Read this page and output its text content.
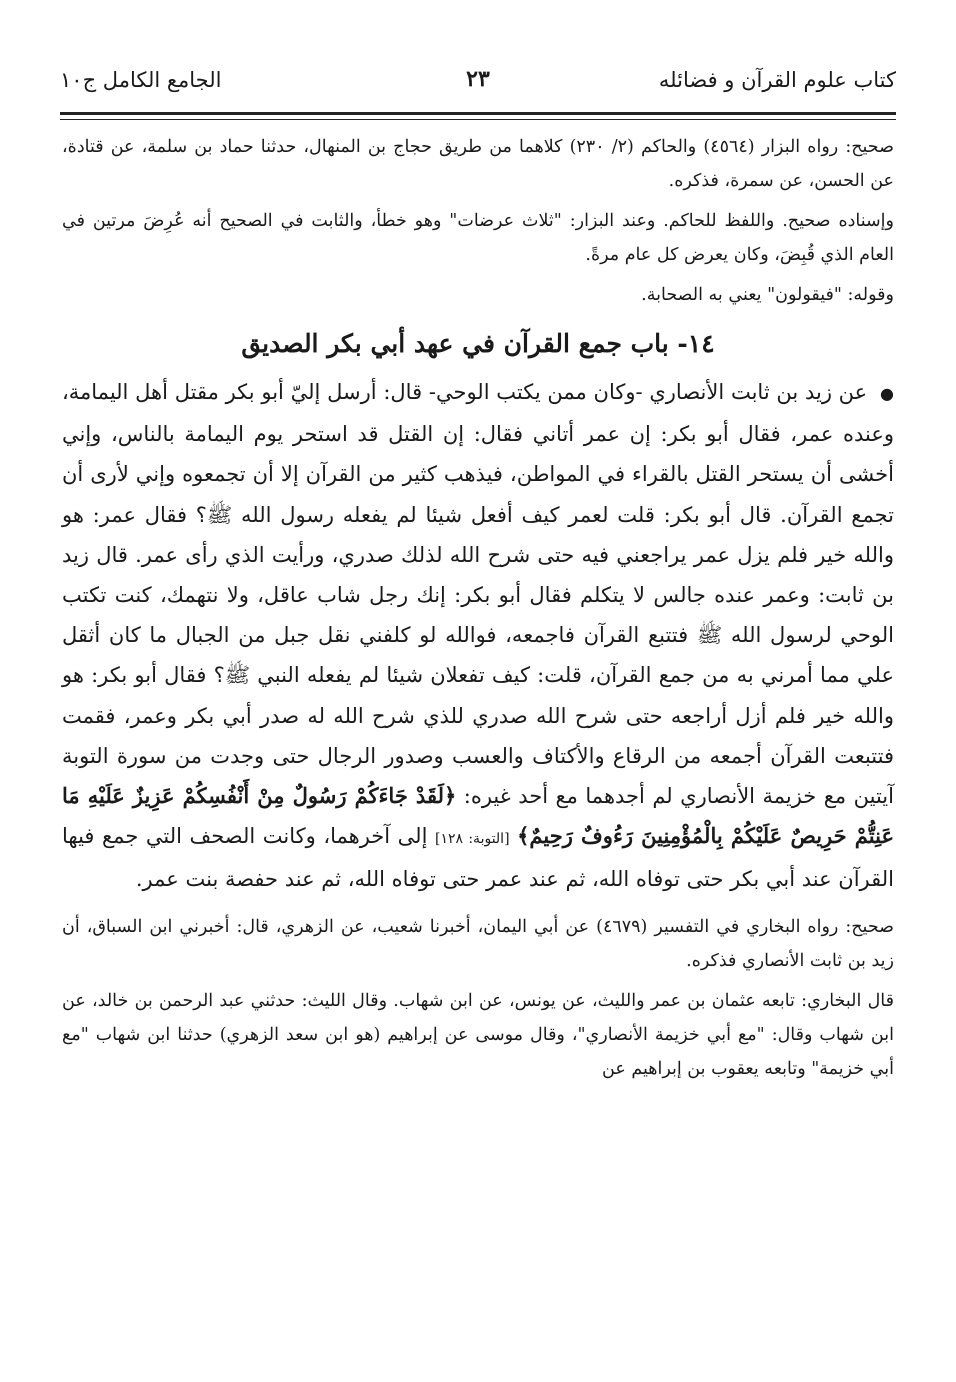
كتاب علوم القرآن و فضائله
٢٣
الجامع الكامل ج١٠

صحيح: رواه البزار (٤٥٦٤) والحاكم (٢/ ٢٣٠) كلاهما من طريق حجاج بن المنهال، حدثنا حماد بن سلمة، عن قتادة، عن الحسن، عن سمرة، فذكره.

وإسناده صحيح. واللفظ للحاكم. وعند البزار: "ثلاث عرضات" وهو خطأ، والثابت في الصحيح أنه عُرِضَ مرتين في العام الذي قُبِضَ، وكان يعرض كل عام مرةً.

وقوله: "فيقولون" يعني به الصحابة.

١٤- باب جمع القرآن في عهد أبي بكر الصديق

● عن زيد بن ثابت الأنصاري -وكان ممن يكتب الوحي- قال: أرسل إليّ أبو بكر مقتل أهل اليمامة، وعنده عمر، فقال أبو بكر: إن عمر أتاني فقال: إن القتل قد استحر يوم اليمامة بالناس، وإني أخشى أن يستحر القتل بالقراء في المواطن، فيذهب كثير من القرآن إلا أن تجمعوه وإني لأرى أن تجمع القرآن. قال أبو بكر: قلت لعمر كيف أفعل شيئا لم يفعله رسول الله ﷺ؟ فقال عمر: هو والله خير فلم يزل عمر يراجعني فيه حتى شرح الله لذلك صدري، ورأيت الذي رأى عمر. قال زيد بن ثابت: وعمر عنده جالس لا يتكلم فقال أبو بكر: إنك رجل شاب عاقل، ولا نتهمك، كنت تكتب الوحي لرسول الله ﷺ فتتبع القرآن فاجمعه، فوالله لو كلفني نقل جبل من الجبال ما كان أثقل علي مما أمرني به من جمع القرآن، قلت: كيف تفعلان شيئا لم يفعله النبي ﷺ؟ فقال أبو بكر: هو والله خير فلم أزل أراجعه حتى شرح الله صدري للذي شرح الله له صدر أبي بكر وعمر، فقمت فتتبعت القرآن أجمعه من الرقاع والأكتاف والعسب وصدور الرجال حتى وجدت من سورة التوبة آيتين مع خزيمة الأنصاري لم أجدهما مع أحد غيره: ﴿لَقَدْ جَاءَكُمْ رَسُولٌ مِنْ أَنْفُسِكُمْ عَزِيزٌ عَلَيْهِ مَا عَنِتُّمْ حَرِيصٌ عَلَيْكُمْ بِالْمُؤْمِنِينَ رَءُوفٌ رَحِيمٌ﴾ [التوبة: ١٢٨] إلى آخرهما، وكانت الصحف التي جمع فيها القرآن عند أبي بكر حتى توفاه الله، ثم عند عمر حتى توفاه الله، ثم عند حفصة بنت عمر.

صحيح: رواه البخاري في التفسير (٤٦٧٩) عن أبي اليمان، أخبرنا شعيب، عن الزهري، قال: أخبرني ابن السباق، أن زيد بن ثابت الأنصاري فذكره.

قال البخاري: تابعه عثمان بن عمر والليث، عن يونس، عن ابن شهاب. وقال الليث: حدثني عبد الرحمن بن خالد، عن ابن شهاب وقال: "مع أبي خزيمة الأنصاري"، وقال موسى عن إبراهيم (هو ابن سعد الزهري) حدثنا ابن شهاب "مع أبي خزيمة" وتابعه يعقوب بن إبراهيم عن
